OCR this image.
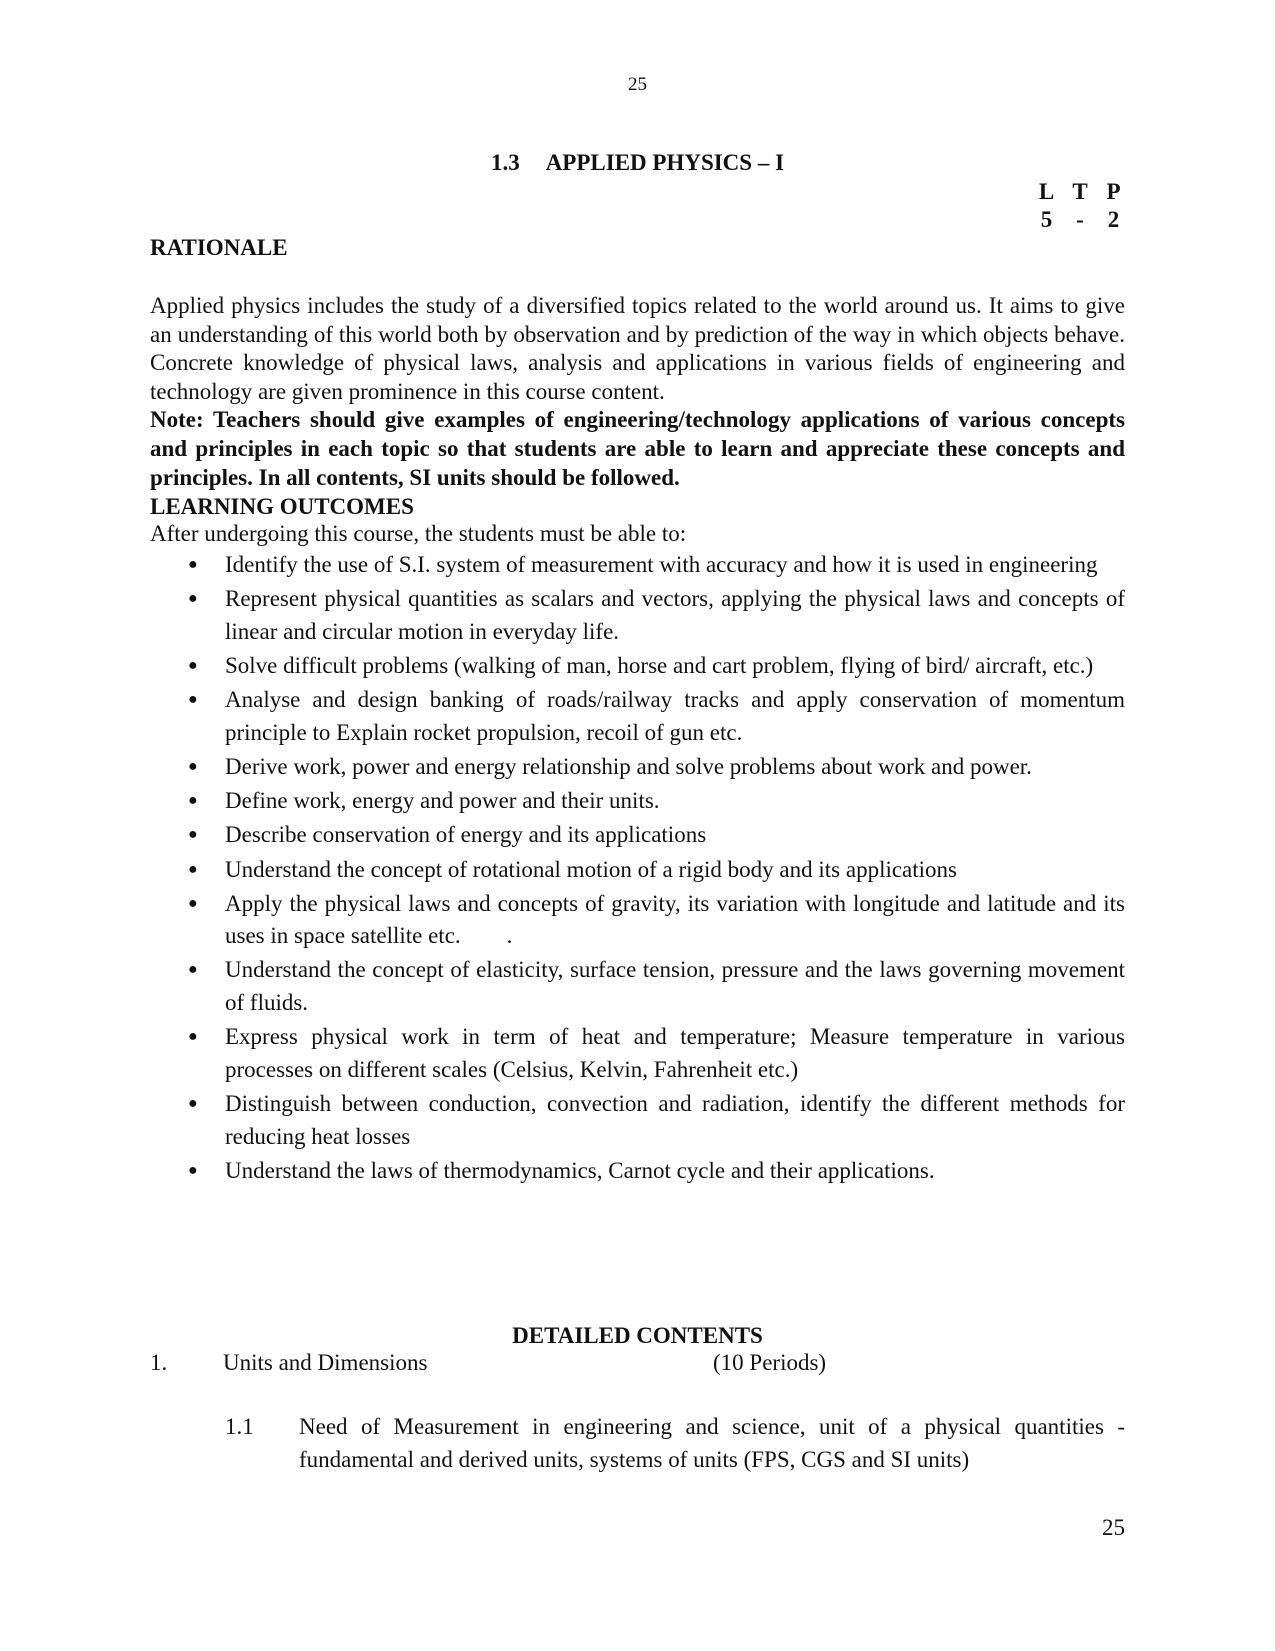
25
1.3 APPLIED PHYSICS – I
L T P
5	-	2
RATIONALE
Applied physics includes the study of a diversified topics related to the world around us. It aims to give an understanding of this world both by observation and by prediction of the way in which objects behave. Concrete knowledge of physical laws, analysis and applications in various fields of engineering and technology are given prominence in this course content.
Note: Teachers should give examples of engineering/technology applications of various concepts and principles in each topic so that students are able to learn and appreciate these concepts and principles. In all contents, SI units should be followed.
LEARNING OUTCOMES
After undergoing this course, the students must be able to:
● Identify the use of S.I. system of measurement with accuracy and how it is used in engineering
● Represent physical quantities as scalars and vectors, applying the physical laws and concepts of linear and circular motion in everyday life.
● Solve difficult problems (walking of man, horse and cart problem, flying of bird/ aircraft, etc.)
● Analyse and design banking of roads/railway tracks and apply conservation of momentum principle to Explain rocket propulsion, recoil of gun etc.
● Derive work, power and energy relationship and solve problems about work and power.
● Define work, energy and power and their units.
● Describe conservation of energy and its applications
● Understand the concept of rotational motion of a rigid body and its applications
● Apply the physical laws and concepts of gravity, its variation with longitude and latitude and its uses in space satellite etc.        .
● Understand the concept of elasticity, surface tension, pressure and the laws governing movement of fluids.
● Express physical work in term of heat and temperature; Measure temperature in various processes on different scales (Celsius, Kelvin, Fahrenheit etc.)
● Distinguish between conduction, convection and radiation, identify the different methods for reducing heat losses
● Understand the laws of thermodynamics, Carnot cycle and their applications.
DETAILED CONTENTS
1. Units and Dimensions	(10 Periods)
1.1 Need of Measurement in engineering and science, unit of a physical quantities - fundamental and derived units, systems of units (FPS, CGS and SI units)
25
